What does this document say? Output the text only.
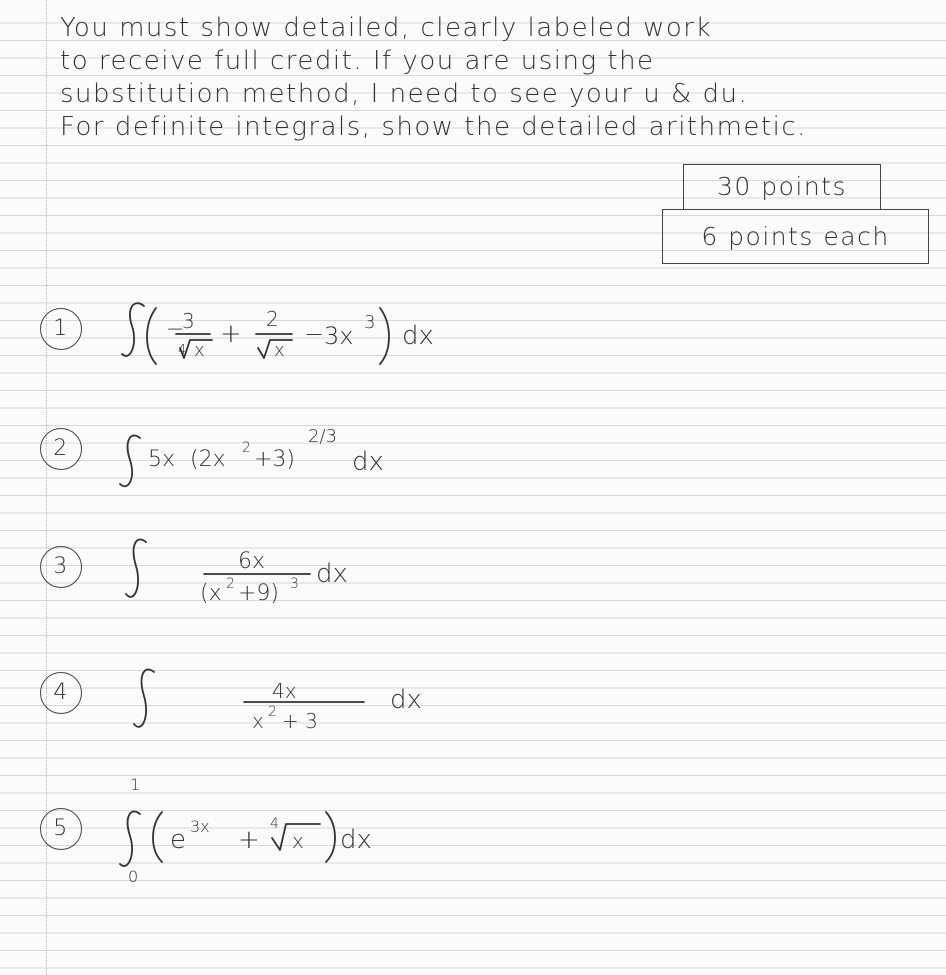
You must show detailed, clearly labeled work
to receive full credit. If you are using the
substitution method, I need to see your u & du.
For definite integrals, show the detailed arithmetic.
30 points
6 points each
1	−
3
4 x
+ 2
x
− 3x 3 dx
2	5x (2x 2 +3)
2/3
dx
3	6x
(x 2 +9) 3 dx
4	4x
x 2 + 3
dx
5
1
0
e 3x +
4
x dx
